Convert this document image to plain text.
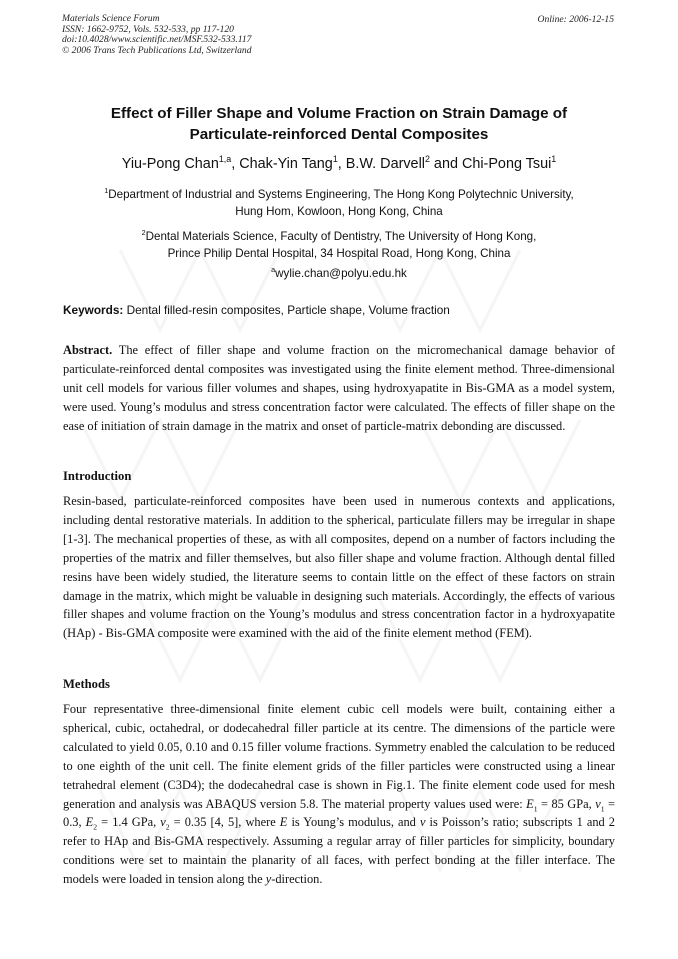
Materials Science Forum
ISSN: 1662-9752, Vols. 532-533, pp 117-120
doi:10.4028/www.scientific.net/MSF.532-533.117
© 2006 Trans Tech Publications Ltd, Switzerland
Online: 2006-12-15
Effect of Filler Shape and Volume Fraction on Strain Damage of
Particulate-reinforced Dental Composites
Yiu-Pong Chan$^{1,a}$, Chak-Yin Tang$^1$, B.W. Darvell$^2$ and Chi-Pong Tsui$^1$
$^1$Department of Industrial and Systems Engineering, The Hong Kong Polytechnic University,
Hung Hom, Kowloon, Hong Kong, China
$^2$Dental Materials Science, Faculty of Dentistry, The University of Hong Kong,
Prince Philip Dental Hospital, 34 Hospital Road, Hong Kong, China
$^a$wylie.chan@polyu.edu.hk
Keywords: Dental filled-resin composites, Particle shape, Volume fraction
Abstract. The effect of filler shape and volume fraction on the micromechanical damage behavior of particulate-reinforced dental composites was investigated using the finite element method. Three-dimensional unit cell models for various filler volumes and shapes, using hydroxyapatite in Bis-GMA as a model system, were used. Young’s modulus and stress concentration factor were calculated. The effects of filler shape on the ease of initiation of strain damage in the matrix and onset of particle-matrix debonding are discussed.
Introduction
Resin-based, particulate-reinforced composites have been used in numerous contexts and applications, including dental restorative materials. In addition to the spherical, particulate fillers may be irregular in shape [1-3]. The mechanical properties of these, as with all composites, depend on a number of factors including the properties of the matrix and filler themselves, but also filler shape and volume fraction. Although dental filled resins have been widely studied, the literature seems to contain little on the effect of these factors on strain damage in the matrix, which might be valuable in designing such materials. Accordingly, the effects of various filler shapes and volume fraction on the Young’s modulus and stress concentration factor in a hydroxyapatite (HAp) - Bis-GMA composite were examined with the aid of the finite element method (FEM).
Methods
Four representative three-dimensional finite element cubic cell models were built, containing either a spherical, cubic, octahedral, or dodecahedral filler particle at its centre. The dimensions of the particle were calculated to yield 0.05, 0.10 and 0.15 filler volume fractions. Symmetry enabled the calculation to be reduced to one eighth of the unit cell. The finite element grids of the filler particles were constructed using a linear tetrahedral element (C3D4); the dodecahedral case is shown in Fig.1. The finite element code used for mesh generation and analysis was ABAQUS version 5.8. The material property values used were: $E_1 = 85$ GPa, $v_1 = 0.3$, $E_2 = 1.4$ GPa, $v_2 = 0.35$ [4, 5], where E is Young’s modulus, and v is Poisson’s ratio; subscripts 1 and 2 refer to HAp and Bis-GMA respectively. Assuming a regular array of filler particles for simplicity, boundary conditions were set to maintain the planarity of all faces, with perfect bonding at the filler interface. The models were loaded in tension along the y-direction.
